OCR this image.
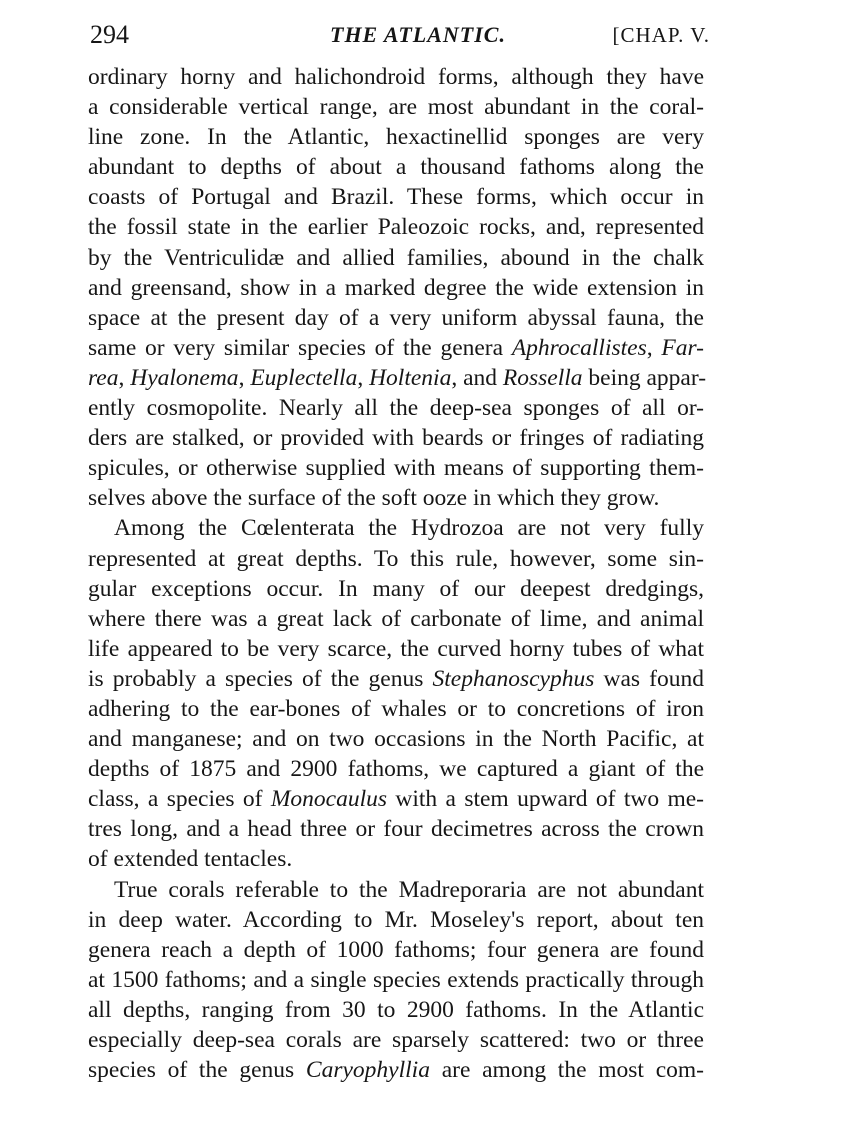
294	THE ATLANTIC.	[CHAP. V.
ordinary horny and halichondroid forms, although they have
a considerable vertical range, are most abundant in the coral-
line zone. In the Atlantic, hexactinellid sponges are very
abundant to depths of about a thousand fathoms along the
coasts of Portugal and Brazil. These forms, which occur in
the fossil state in the earlier Paleozoic rocks, and, represented
by the Ventriculidæ and allied families, abound in the chalk
and greensand, show in a marked degree the wide extension in
space at the present day of a very uniform abyssal fauna, the
same or very similar species of the genera Aphrocallistes, Far-
rea, Hyalonema, Euplectella, Holtenia, and Rossella being appar-
ently cosmopolite. Nearly all the deep-sea sponges of all or-
ders are stalked, or provided with beards or fringes of radiating
spicules, or otherwise supplied with means of supporting them-
selves above the surface of the soft ooze in which they grow.
Among the Cœlenterata the Hydrozoa are not very fully
represented at great depths. To this rule, however, some sin-
gular exceptions occur. In many of our deepest dredgings,
where there was a great lack of carbonate of lime, and animal
life appeared to be very scarce, the curved horny tubes of what
is probably a species of the genus Stephanoscyphus was found
adhering to the ear-bones of whales or to concretions of iron
and manganese; and on two occasions in the North Pacific, at
depths of 1875 and 2900 fathoms, we captured a giant of the
class, a species of Monocaulus with a stem upward of two me-
tres long, and a head three or four decimetres across the crown
of extended tentacles.
True corals referable to the Madreporaria are not abundant
in deep water. According to Mr. Moseley's report, about ten
genera reach a depth of 1000 fathoms; four genera are found
at 1500 fathoms; and a single species extends practically through
all depths, ranging from 30 to 2900 fathoms. In the Atlantic
especially deep-sea corals are sparsely scattered: two or three
species of the genus Caryophyllia are among the most com-
